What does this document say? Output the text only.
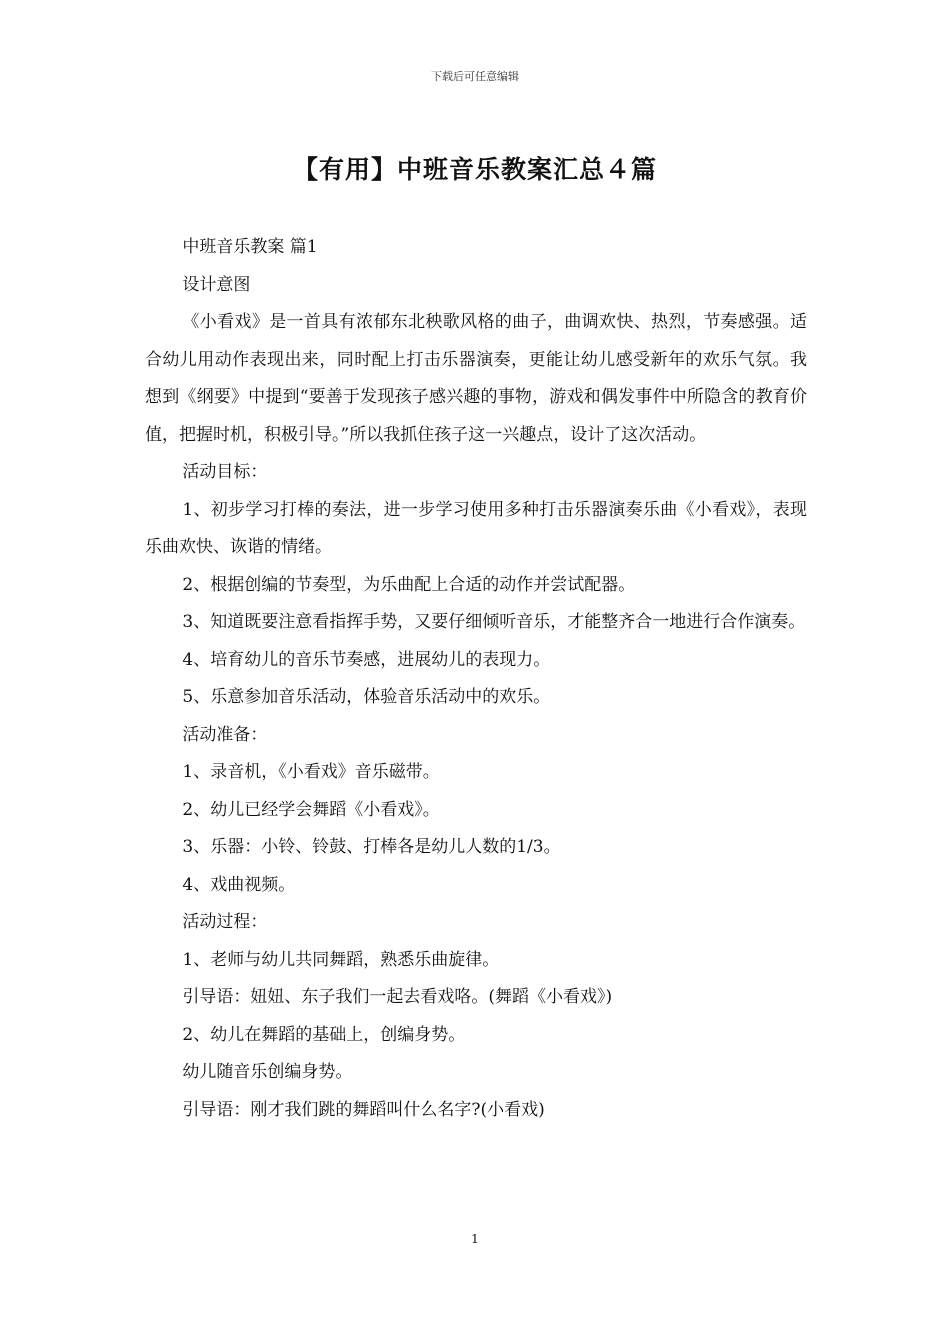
下载后可任意编辑
【有用】中班音乐教案汇总４篇

中班音乐教案 篇1

设计意图

《小看戏》是一首具有浓郁东北秧歌风格的曲子，曲调欢快、热烈，节奏感强。适合幼儿用动作表现出来，同时配上打击乐器演奏，更能让幼儿感受新年的欢乐气氛。我想到《纲要》中提到“要善于发现孩子感兴趣的事物，游戏和偶发事件中所隐含的教育价值，把握时机，积极引导。”所以我抓住孩子这一兴趣点，设计了这次活动。

活动目标：

1、初步学习打棒的奏法，进一步学习使用多种打击乐器演奏乐曲《小看戏》，表现乐曲欢快、诙谐的情绪。

2、根据创编的节奏型，为乐曲配上合适的动作并尝试配器。

3、知道既要注意看指挥手势，又要仔细倾听音乐，才能整齐合一地进行合作演奏。

4、培育幼儿的音乐节奏感，进展幼儿的表现力。

5、乐意参加音乐活动，体验音乐活动中的欢乐。

活动准备：

1、录音机，《小看戏》音乐磁带。

2、幼儿已经学会舞蹈《小看戏》。

3、乐器：小铃、铃鼓、打棒各是幼儿人数的1/3。

4、戏曲视频。

活动过程：

1、老师与幼儿共同舞蹈，熟悉乐曲旋律。

引导语：妞妞、东子我们一起去看戏咯。(舞蹈《小看戏》)

2、幼儿在舞蹈的基础上，创编身势。

幼儿随音乐创编身势。

引导语：刚才我们跳的舞蹈叫什么名字?(小看戏)

1
